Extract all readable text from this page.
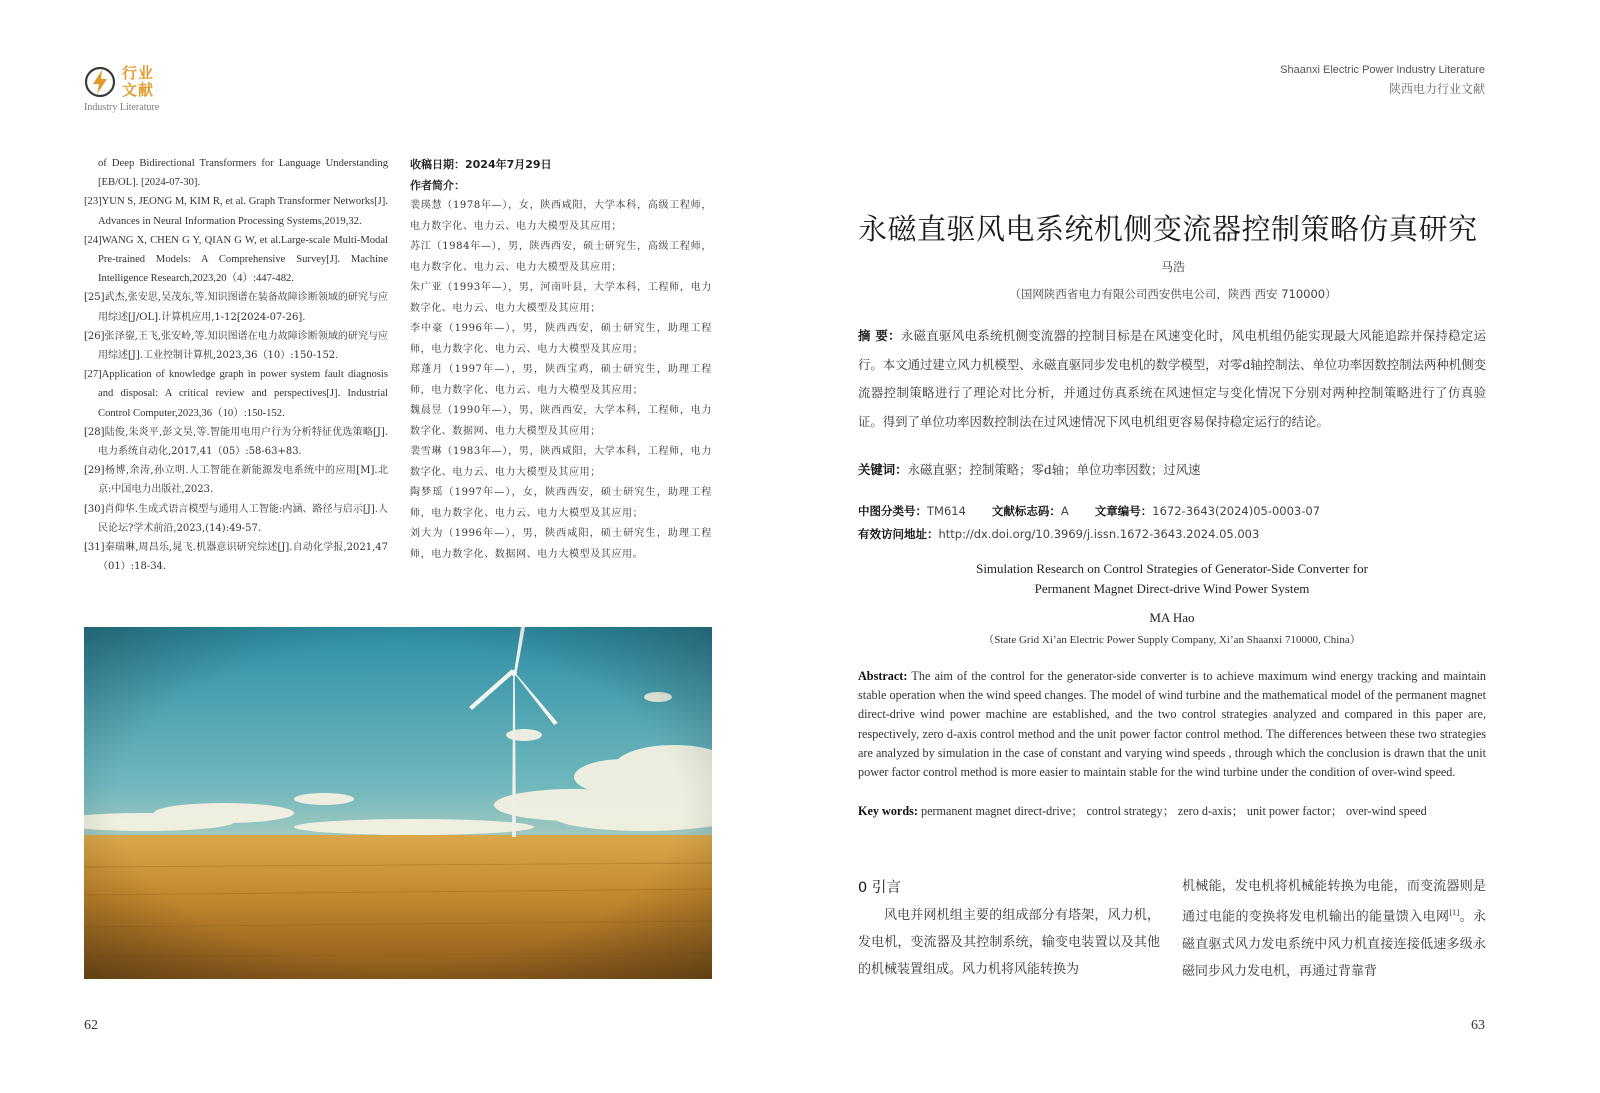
行业
文献
Industry Literature
Shaanxi Electric Power Industry Literature
陕西电力行业文献
of Deep Bidirectional Transformers for Language Understanding [EB/OL]. [2024-07-30].
[23]YUN S, JEONG M, KIM R, et al. Graph Transformer Networks[J]. Advances in Neural Information Processing Systems,2019,32.
[24]WANG X, CHEN G Y, QIAN G W, et al.Large-scale Multi-Modal Pre-trained Models: A Comprehensive Survey[J]. Machine Intelligence Research,2023,20（4）:447-482.
[25]武杰,张安思,吴茂东,等.知识图谱在装备故障诊断领域的研究与应用综述[J/OL].计算机应用,1-12[2024-07-26].
[26]张泽鋆,王飞,张安岭,等.知识图谱在电力故障诊断领域的研究与应用综述[J].工业控制计算机,2023,36（10）:150-152.
[27]Application of knowledge graph in power system fault diagnosis and disposal: A critical review and perspectives[J]. Industrial Control Computer,2023,36（10）:150-152.
[28]陆俊,朱炎平,彭文昊,等.智能用电用户行为分析特征优选策略[J].电力系统自动化,2017,41（05）:58-63+83.
[29]杨博,余涛,孙立明.人工智能在新能源发电系统中的应用[M].北京:中国电力出版社,2023.
[30]肖仰华.生成式语言模型与通用人工智能:内涵、路径与启示[J].人民论坛?学术前沿,2023,(14):49-57.
[31]秦瑞琳,周昌乐,晁飞.机器意识研究综述[J].自动化学报,2021,47（01）:18-34.
收稿日期：2024年7月29日
作者简介：
裴瑛慧（1978年—），女，陕西咸阳，大学本科，高级工程师，电力数字化、电力云、电力大模型及其应用；
苏江（1984年—），男，陕西西安，硕士研究生，高级工程师，电力数字化、电力云、电力大模型及其应用；
朱广亚（1993年—），男，河南叶县，大学本科，工程师，电力数字化、电力云、电力大模型及其应用；
李中豪（1996年—），男，陕西西安，硕士研究生，助理工程师，电力数字化、电力云、电力大模型及其应用；
郑蓬月（1997年—），男，陕西宝鸡，硕士研究生，助理工程师，电力数字化、电力云、电力大模型及其应用；
魏晨昱（1990年—），男，陕西西安，大学本科，工程师，电力数字化、数据网、电力大模型及其应用；
裴雪琳（1983年—），男，陕西咸阳，大学本科，工程师，电力数字化、电力云、电力大模型及其应用；
陶梦瑶（1997年—），女，陕西西安，硕士研究生，助理工程师，电力数字化、电力云、电力大模型及其应用；
刘大为（1996年—），男，陕西咸阳，硕士研究生，助理工程师，电力数字化、数据网、电力大模型及其应用。
62	63
永磁直驱风电系统机侧变流器控制策略仿真研究
马浩
（国网陕西省电力有限公司西安供电公司，陕西 西安 710000）
摘 要：永磁直驱风电系统机侧变流器的控制目标是在风速变化时，风电机组仍能实现最大风能追踪并保持稳定运行。本文通过建立风力机模型、永磁直驱同步发电机的数学模型，对零d轴控制法、单位功率因数控制法两种机侧变流器控制策略进行了理论对比分析，并通过仿真系统在风速恒定与变化情况下分别对两种控制策略进行了仿真验证。得到了单位功率因数控制法在过风速情况下风电机组更容易保持稳定运行的结论。
关键词：永磁直驱；控制策略；零d轴；单位功率因数；过风速
中图分类号：TM614 文献标志码：A 文章编号：1672-3643(2024)05-0003-07
有效访问地址：http://dx.doi.org/10.3969/j.issn.1672-3643.2024.05.003
Simulation Research on Control Strategies of Generator-Side Converter for
Permanent Magnet Direct-drive Wind Power System
MA Hao
（State Grid Xi’an Electric Power Supply Company, Xi’an Shaanxi 710000, China）
Abstract: The aim of the control for the generator-side converter is to achieve maximum wind energy tracking and maintain stable operation when the wind speed changes. The model of wind turbine and the mathematical model of the permanent magnet direct-drive wind power machine are established, and the two control strategies analyzed and compared in this paper are, respectively, zero d-axis control method and the unit power factor control method. The differences between these two strategies are analyzed by simulation in the case of constant and varying wind speeds , through which the conclusion is drawn that the unit power factor control method is more easier to maintain stable for the wind turbine under the condition of over-wind speed.
Key words: permanent magnet direct-drive； control strategy； zero d-axis； unit power factor； over-wind speed
0 引言
风电并网机组主要的组成部分有塔架，风力机，发电机，变流器及其控制系统，输变电装置以及其他的机械装置组成。风力机将风能转换为
机械能，发电机将机械能转换为电能，而变流器则是通过电能的变换将发电机输出的能量馈入电网[1]。永磁直驱式风力发电系统中风力机直接连接低速多级永磁同步风力发电机，再通过背靠背
